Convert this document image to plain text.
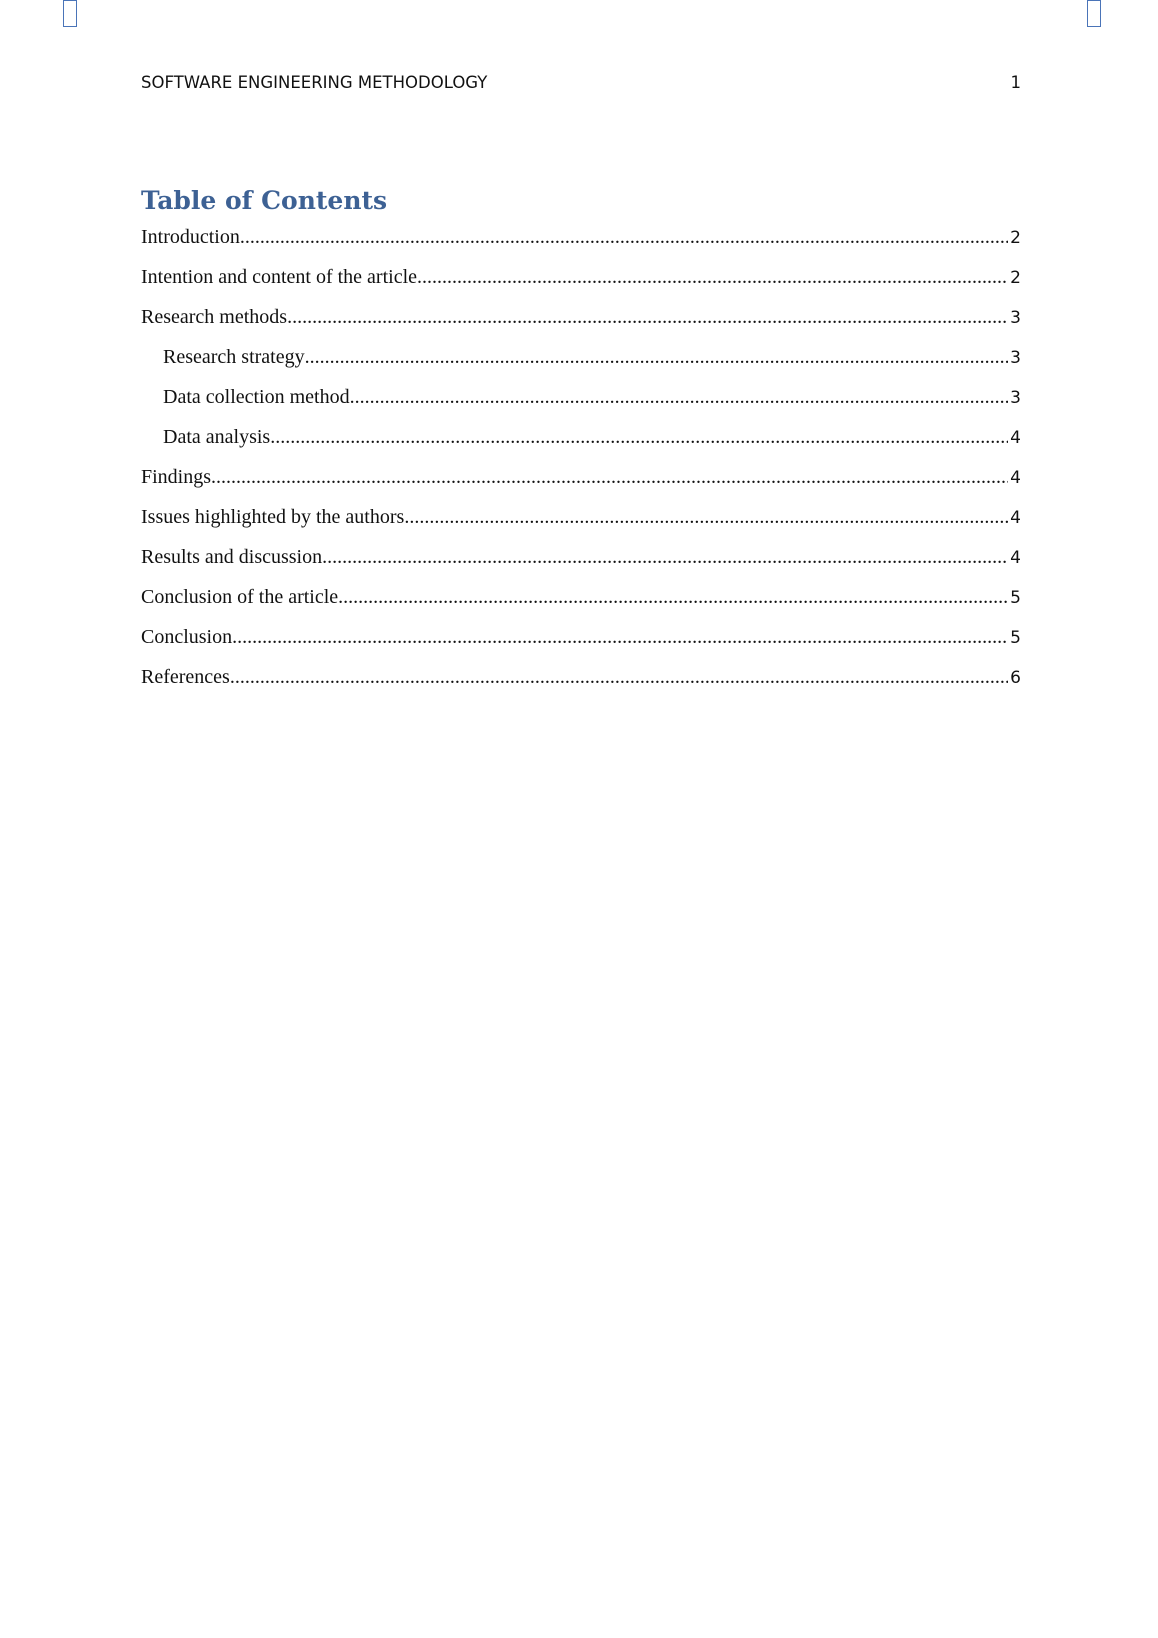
SOFTWARE ENGINEERING METHODOLOGY	1
Table of Contents
Introduction .....	2
Intention and content of the article .....	2
Research methods .....	3
Research strategy .....	3
Data collection method .....	3
Data analysis .....	4
Findings .....	4
Issues highlighted by the authors .....	4
Results and discussion .....	4
Conclusion of the article .....	5
Conclusion .....	5
References .....	6
